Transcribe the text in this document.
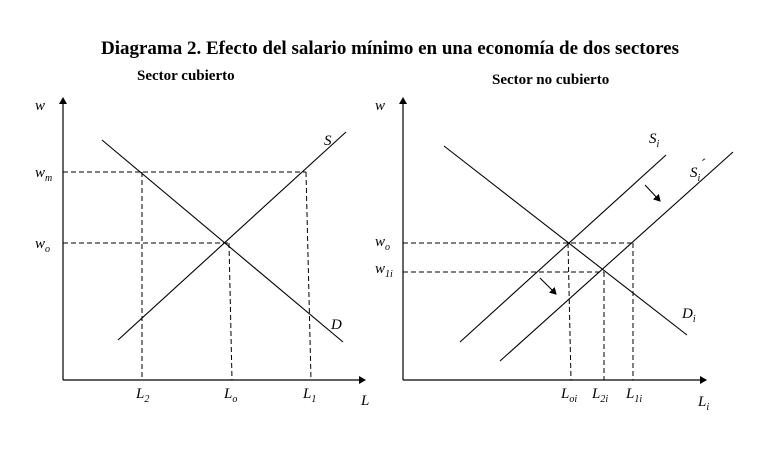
Diagrama 2. Efecto del salario mínimo en una economía de dos sectores
Sector cubierto	Sector no cubierto
w
L
S
D
$w_m$
$w_o$
$L_2$	$L_o$	$L_1$
w
$L_i$
$S_i$
$S_i´$
$D_i$
$w_o$
$w_{1i}$
$L_{oi}$ $L_{2i}$ $L_{1i}$
